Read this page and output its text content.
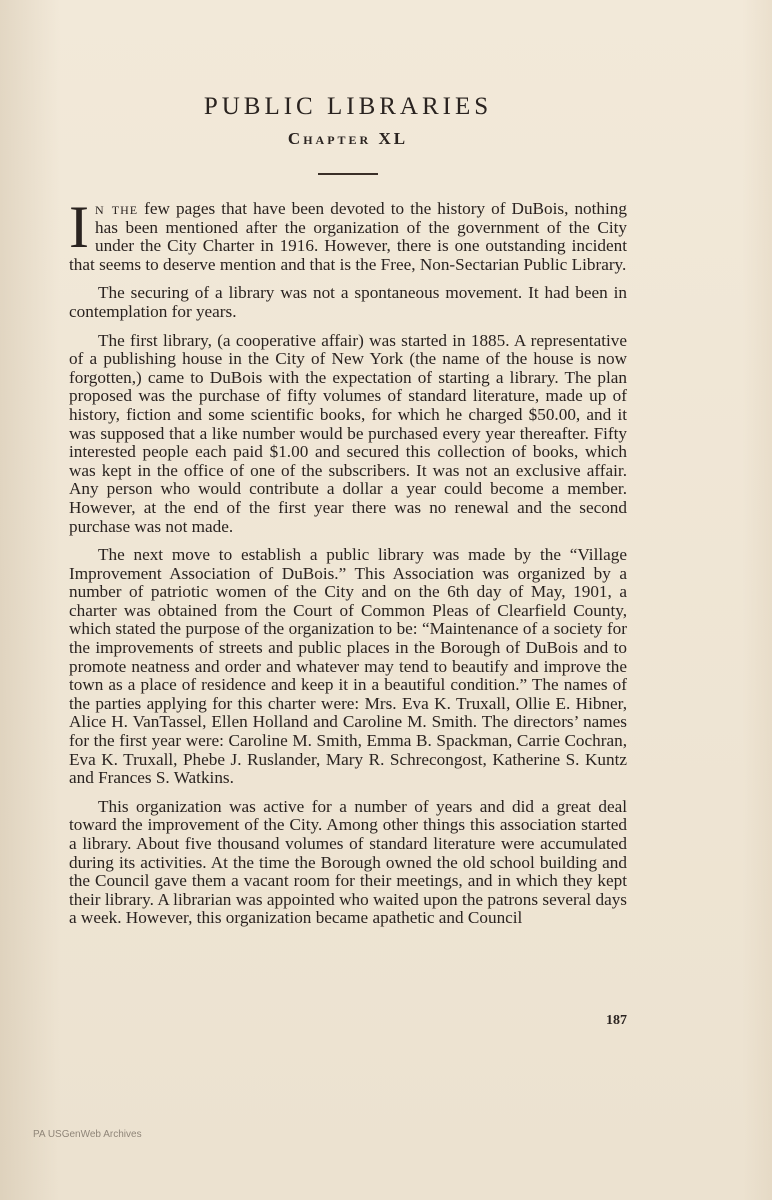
PUBLIC LIBRARIES
Chapter XL

In the few pages that have been devoted to the history of DuBois, nothing has been mentioned after the organization of the government of the City under the City Charter in 1916. However, there is one outstanding incident that seems to deserve mention and that is the Free, Non-Sectarian Public Library.

The securing of a library was not a spontaneous movement. It had been in contemplation for years.

The first library, (a cooperative affair) was started in 1885. A representative of a publishing house in the City of New York (the name of the house is now forgotten,) came to DuBois with the expectation of starting a library. The plan proposed was the purchase of fifty volumes of standard literature, made up of history, fiction and some scientific books, for which he charged $50.00, and it was supposed that a like number would be purchased every year thereafter. Fifty interested people each paid $1.00 and secured this collection of books, which was kept in the office of one of the subscribers. It was not an exclusive affair. Any person who would contribute a dollar a year could become a member. However, at the end of the first year there was no renewal and the second purchase was not made.

The next move to establish a public library was made by the “Village Improvement Association of DuBois.” This Association was organized by a number of patriotic women of the City and on the 6th day of May, 1901, a charter was obtained from the Court of Common Pleas of Clearfield County, which stated the purpose of the organization to be: “Maintenance of a society for the improvements of streets and public places in the Borough of DuBois and to promote neatness and order and whatever may tend to beautify and improve the town as a place of residence and keep it in a beautiful condition.” The names of the parties applying for this charter were: Mrs. Eva K. Truxall, Ollie E. Hibner, Alice H. VanTassel, Ellen Holland and Caroline M. Smith. The directors’ names for the first year were: Caroline M. Smith, Emma B. Spackman, Carrie Cochran, Eva K. Truxall, Phebe J. Ruslander, Mary R. Schrecongost, Katherine S. Kuntz and Frances S. Watkins.

This organization was active for a number of years and did a great deal toward the improvement of the City. Among other things this association started a library. About five thousand volumes of standard literature were accumulated during its activities. At the time the Borough owned the old school building and the Council gave them a vacant room for their meetings, and in which they kept their library. A librarian was appointed who waited upon the patrons several days a week. However, this organization became apathetic and Council

187

PA USGenWeb Archives
